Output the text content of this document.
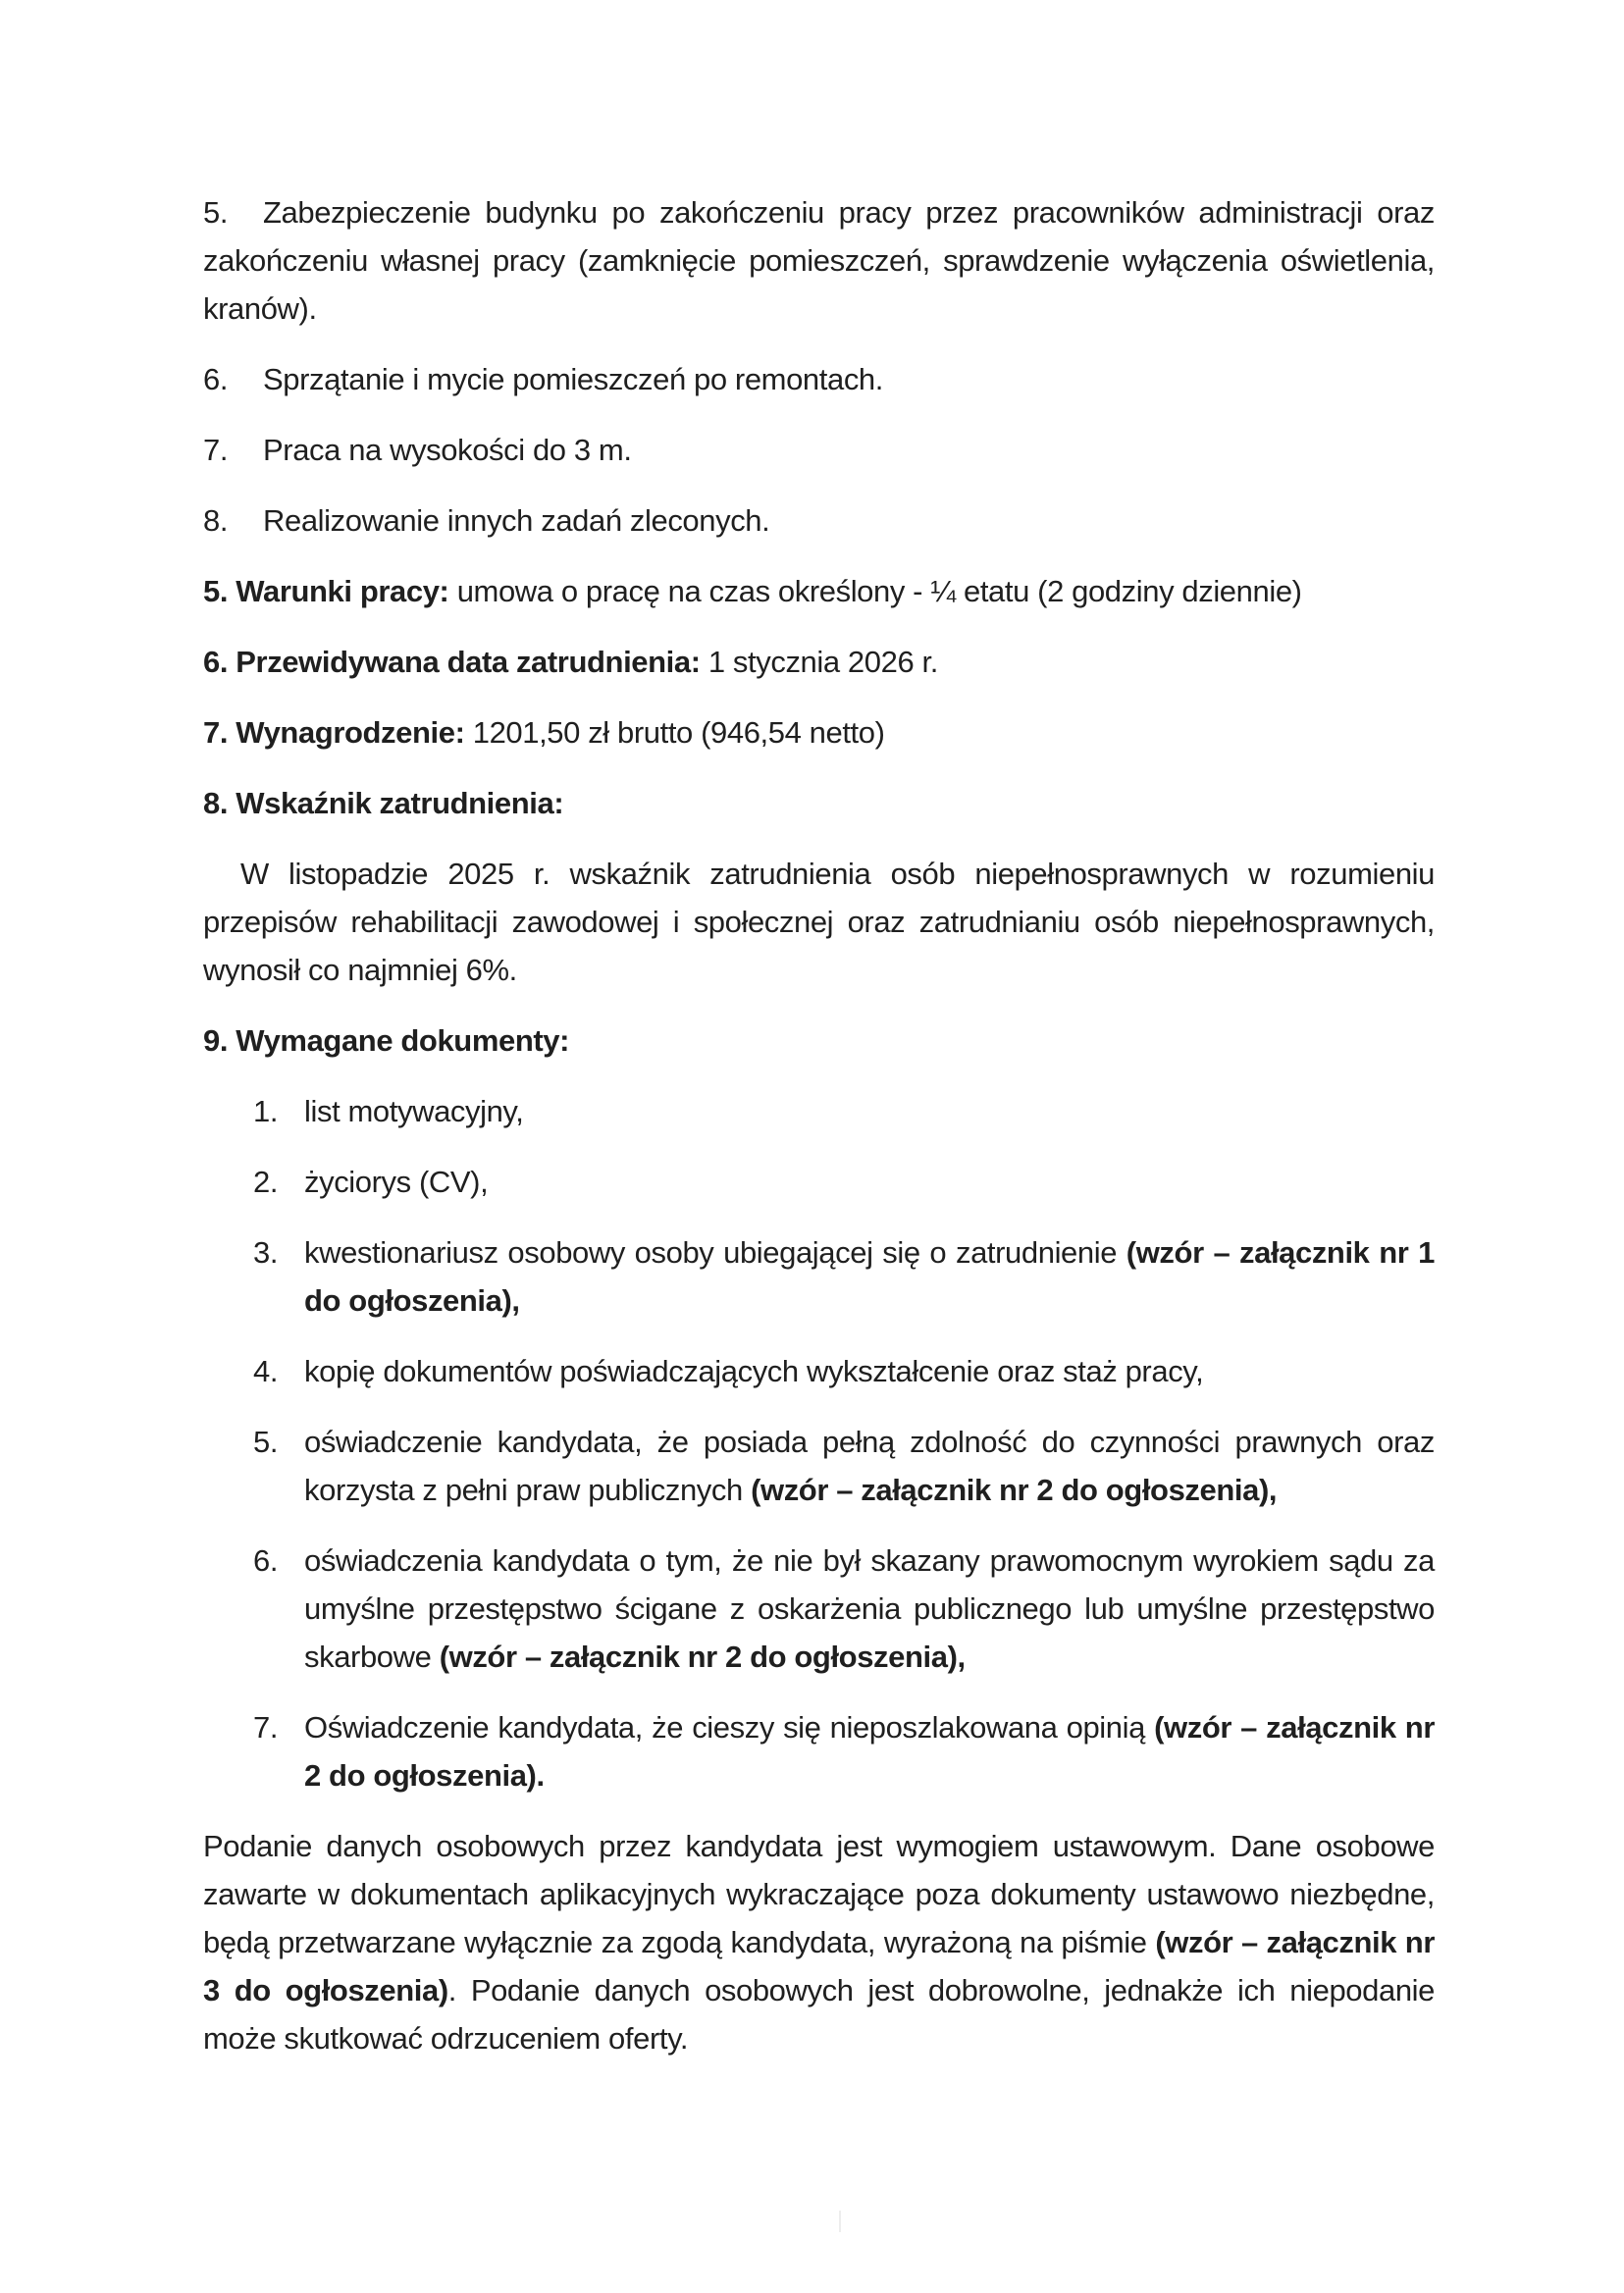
5. Zabezpieczenie budynku po zakończeniu pracy przez pracowników administracji oraz zakończeniu własnej pracy (zamknięcie pomieszczeń, sprawdzenie wyłączenia oświetlenia, kranów).

6. Sprzątanie i mycie pomieszczeń po remontach.

7. Praca na wysokości do 3 m.

8. Realizowanie innych zadań zleconych.

5. Warunki pracy: umowa o pracę na czas określony - ¼ etatu (2 godziny dziennie)

6. Przewidywana data zatrudnienia: 1 stycznia 2026 r.

7. Wynagrodzenie: 1201,50 zł brutto (946,54 netto)

8. Wskaźnik zatrudnienia:

W listopadzie 2025 r. wskaźnik zatrudnienia osób niepełnosprawnych w rozumieniu przepisów rehabilitacji zawodowej i społecznej oraz zatrudnianiu osób niepełnosprawnych, wynosił co najmniej 6%.

9. Wymagane dokumenty:

1. list motywacyjny,

2. życiorys (CV),

3. kwestionariusz osobowy osoby ubiegającej się o zatrudnienie (wzór – załącznik nr 1 do ogłoszenia),

4. kopię dokumentów poświadczających wykształcenie oraz staż pracy,

5. oświadczenie kandydata, że posiada pełną zdolność do czynności prawnych oraz korzysta z pełni praw publicznych (wzór – załącznik nr 2 do ogłoszenia),

6. oświadczenia kandydata o tym, że nie był skazany prawomocnym wyrokiem sądu za umyślne przestępstwo ścigane z oskarżenia publicznego lub umyślne przestępstwo skarbowe (wzór – załącznik nr 2 do ogłoszenia),

7. Oświadczenie kandydata, że cieszy się nieposzlakowana opinią (wzór – załącznik nr 2 do ogłoszenia).

Podanie danych osobowych przez kandydata jest wymogiem ustawowym. Dane osobowe zawarte w dokumentach aplikacyjnych wykraczające poza dokumenty ustawowo niezbędne, będą przetwarzane wyłącznie za zgodą kandydata, wyrażoną na piśmie (wzór – załącznik nr 3 do ogłoszenia). Podanie danych osobowych jest dobrowolne, jednakże ich niepodanie może skutkować odrzuceniem oferty.
